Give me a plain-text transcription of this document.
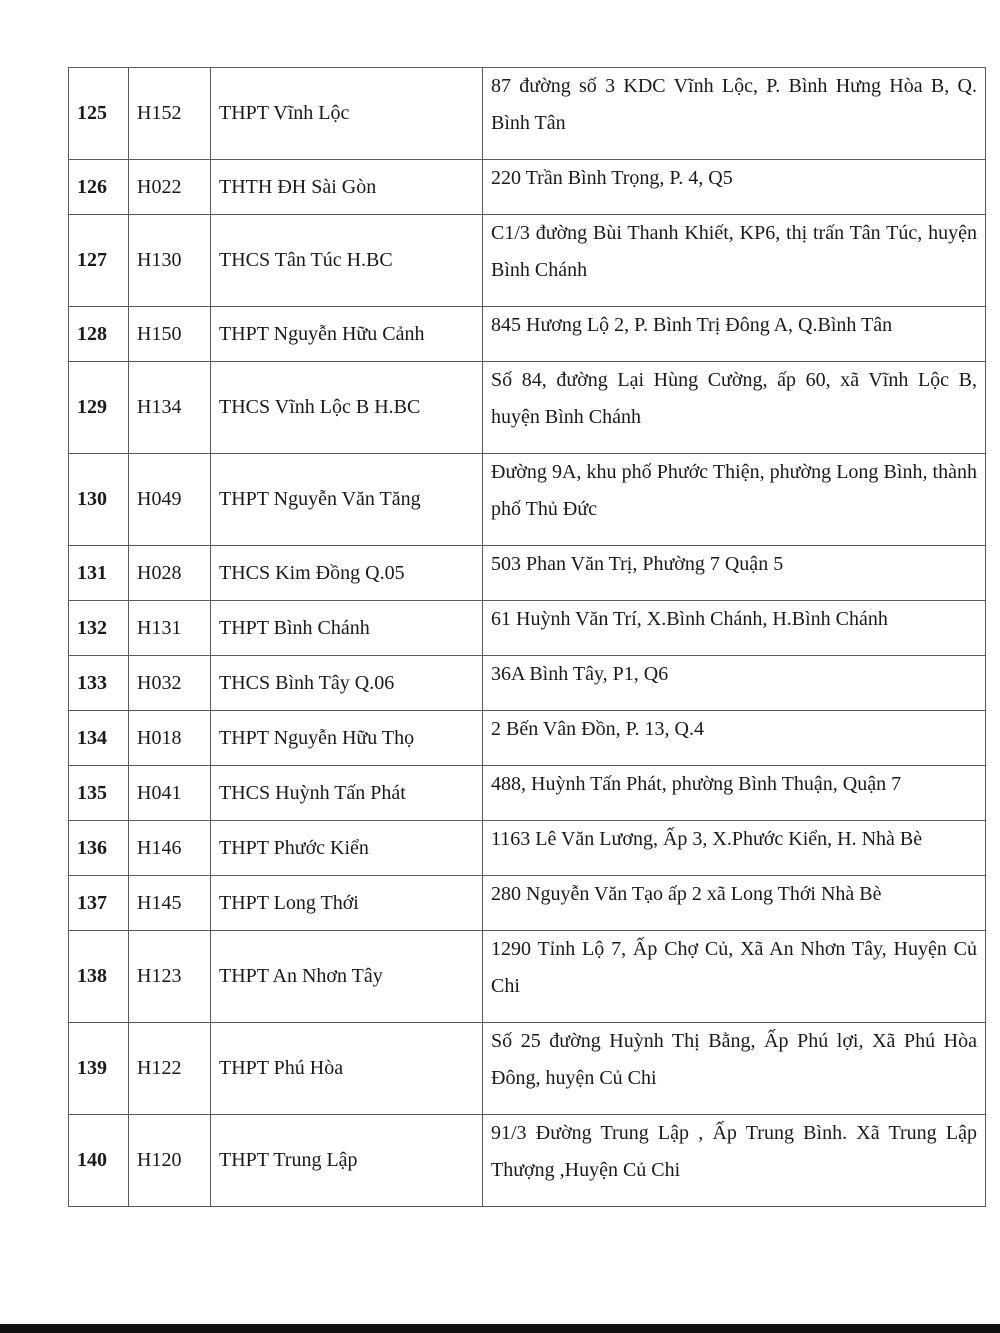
125	H152	THPT Vĩnh Lộc	87 đường số 3 KDC Vĩnh Lộc, P. Bình Hưng Hòa B, Q. Bình Tân
126	H022	THTH ĐH Sài Gòn	220 Trần Bình Trọng, P. 4, Q5
127	H130	THCS Tân Túc H.BC	C1/3 đường Bùi Thanh Khiết, KP6, thị trấn Tân Túc, huyện Bình Chánh
128	H150	THPT Nguyễn Hữu Cảnh	845 Hương Lộ 2, P. Bình Trị Đông A, Q.Bình Tân
129	H134	THCS Vĩnh Lộc B H.BC	Số 84, đường Lại Hùng Cường, ấp 60, xã Vĩnh Lộc B, huyện Bình Chánh
130	H049	THPT Nguyễn Văn Tăng	Đường 9A, khu phố Phước Thiện, phường Long Bình, thành phố Thủ Đức
131	H028	THCS Kim Đồng Q.05	503 Phan Văn Trị, Phường 7 Quận 5
132	H131	THPT Bình Chánh	61 Huỳnh Văn Trí, X.Bình Chánh, H.Bình Chánh
133	H032	THCS Bình Tây Q.06	36A Bình Tây, P1, Q6
134	H018	THPT Nguyễn Hữu Thọ	2 Bến Vân Đồn, P. 13, Q.4
135	H041	THCS Huỳnh Tấn Phát	488, Huỳnh Tấn Phát, phường Bình Thuận, Quận 7
136	H146	THPT Phước Kiển	1163 Lê Văn Lương, Ấp 3, X.Phước Kiển, H. Nhà Bè
137	H145	THPT Long Thới	280 Nguyễn Văn Tạo ấp 2 xã Long Thới Nhà Bè
138	H123	THPT An Nhơn Tây	1290 Tỉnh Lộ 7, Ấp Chợ Củ, Xã An Nhơn Tây, Huyện Củ Chi
139	H122	THPT Phú Hòa	Số 25 đường Huỳnh Thị Bằng, Ấp Phú lợi, Xã Phú Hòa Đông, huyện Củ Chi
140	H120	THPT Trung Lập	91/3 Đường Trung Lập , Ấp Trung Bình. Xã Trung Lập Thượng ,Huyện Củ Chi
